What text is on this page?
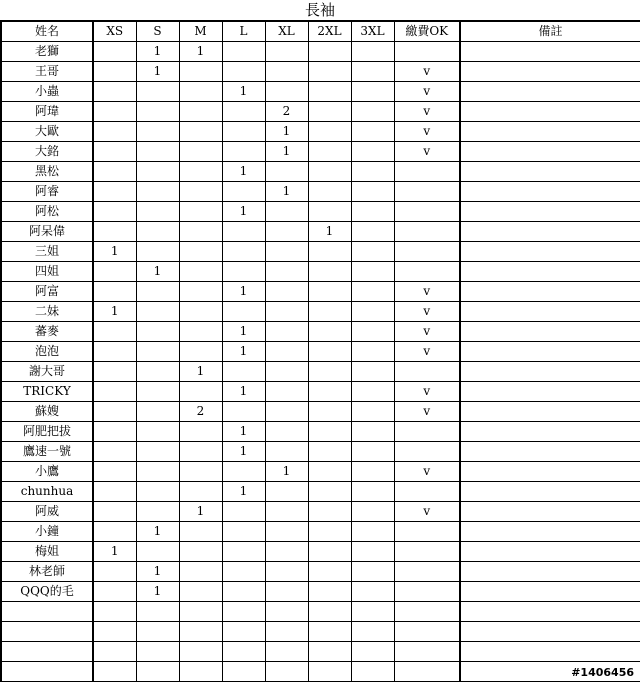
長袖
姓名	XS	S	M	L	XL	2XL	3XL	繳費OK	備註
老獅		1	1						
王哥		1						v	
小蟲				1				v	
阿瑋					2			v	
大歐					1			v	
大銘					1			v	
黑松				1					
阿睿					1				
阿松				1					
阿呆偉						1			
三姐	1								
四姐		1							
阿富				1				v	
二妹	1							v	
蕃麥				1				v	
泡泡				1				v	
謝大哥			1						
TRICKY				1				v	
蘇嫂			2					v	
阿肥把拔				1					
鷹速一號				1					
小鷹					1			v	
chunhua				1					
阿威			1					v	
小鐘		1							
梅姐	1								
林老師		1							
QQQ的毛		1							

#1406456
